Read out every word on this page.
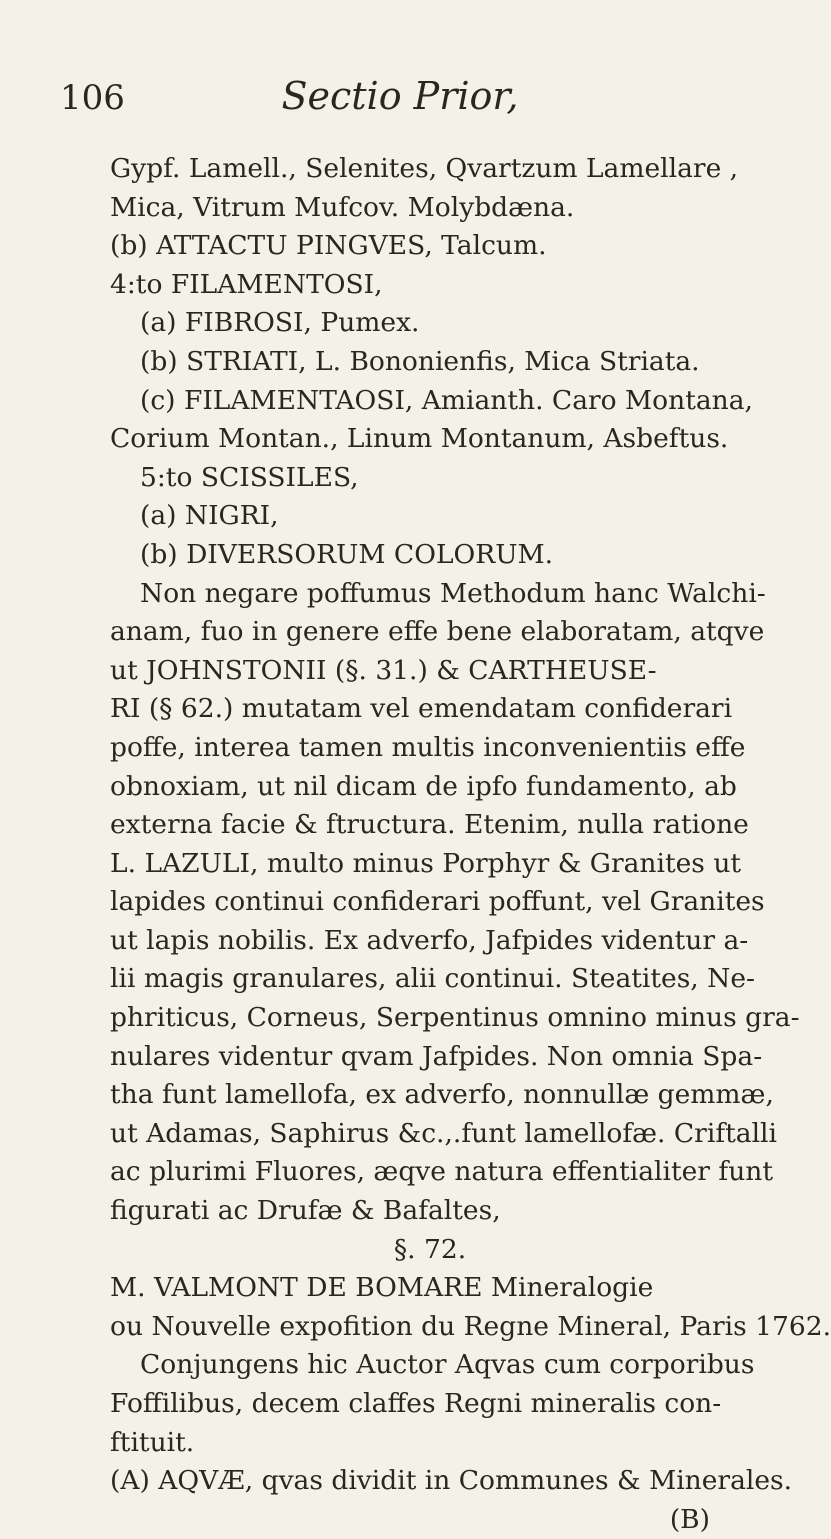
106	Sectio Prior,
Gypf. Lamell., Selenites, Qvartzum Lamellare ,
Mica, Vitrum Mufcov. Molybdæna.
(b) ATTACTU PINGVES, Talcum.
4:to FILAMENTOSI,
(a) FIBROSI, Pumex.
(b) STRIATI, L. Bononienfis, Mica Striata.
(c) FILAMENTAOSI, Amianth. Caro Montana,
Corium Montan., Linum Montanum, Asbeftus.
5:to SCISSILES,
(a) NIGRI,
(b) DIVERSORUM COLORUM.
Non negare poffumus Methodum hanc Walchi-
anam, fuo in genere effe bene elaboratam, atqve
ut JOHNSTONII (§. 31.) & CARTHEUSE-
RI (§ 62.) mutatam vel emendatam confiderari
poffe, interea tamen multis inconvenientiis effe
obnoxiam, ut nil dicam de ipfo fundamento, ab
externa facie & ftructura. Etenim, nulla ratione
L. LAZULI, multo minus Porphyr & Granites ut
lapides continui confiderari poffunt, vel Granites
ut lapis nobilis. Ex adverfo, Jafpides videntur a-
lii magis granulares, alii continui. Steatites, Ne-
phriticus, Corneus, Serpentinus omnino minus gra-
nulares videntur qvam Jafpides. Non omnia Spa-
tha funt lamellofa, ex adverfo, nonnullæ gemmæ,
ut Adamas, Saphirus &c.,.funt lamellofæ. Criftalli
ac plurimi Fluores, æqve natura effentialiter funt
figurati ac Drufæ & Bafaltes,
§. 72.
M. VALMONT DE BOMARE Mineralogie
ou Nouvelle expofition du Regne Mineral, Paris 1762.
Conjungens hic Auctor Aqvas cum corporibus
Foffilibus, decem claffes Regni mineralis con-
ftituit.
(A) AQVÆ, qvas dividit in Communes & Minerales.
(B)
